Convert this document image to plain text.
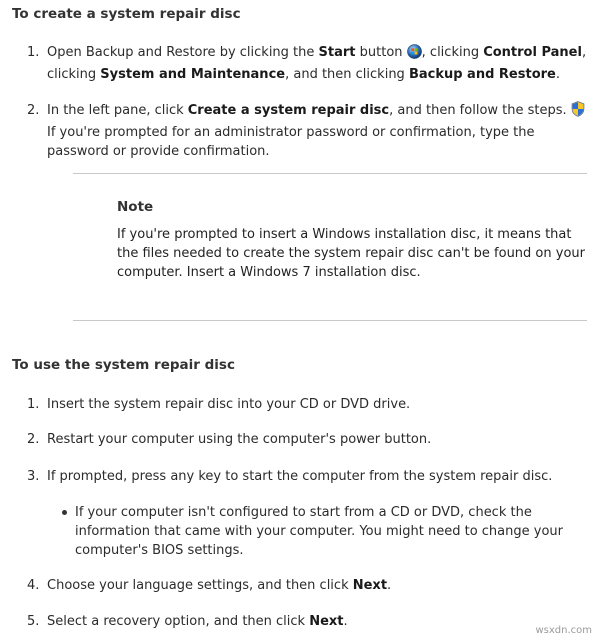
To create a system repair disc
1. Open Backup and Restore by clicking the Start button , clicking Control Panel, clicking System and Maintenance, and then clicking Backup and Restore.
2. In the left pane, click Create a system repair disc, and then follow the steps.  If you're prompted for an administrator password or confirmation, type the password or provide confirmation.
Note
If you're prompted to insert a Windows installation disc, it means that the files needed to create the system repair disc can't be found on your computer. Insert a Windows 7 installation disc.
To use the system repair disc
1. Insert the system repair disc into your CD or DVD drive.
2. Restart your computer using the computer's power button.
3. If prompted, press any key to start the computer from the system repair disc.
If your computer isn't configured to start from a CD or DVD, check the information that came with your computer. You might need to change your computer's BIOS settings.
4. Choose your language settings, and then click Next.
5. Select a recovery option, and then click Next.
wsxdn.com
